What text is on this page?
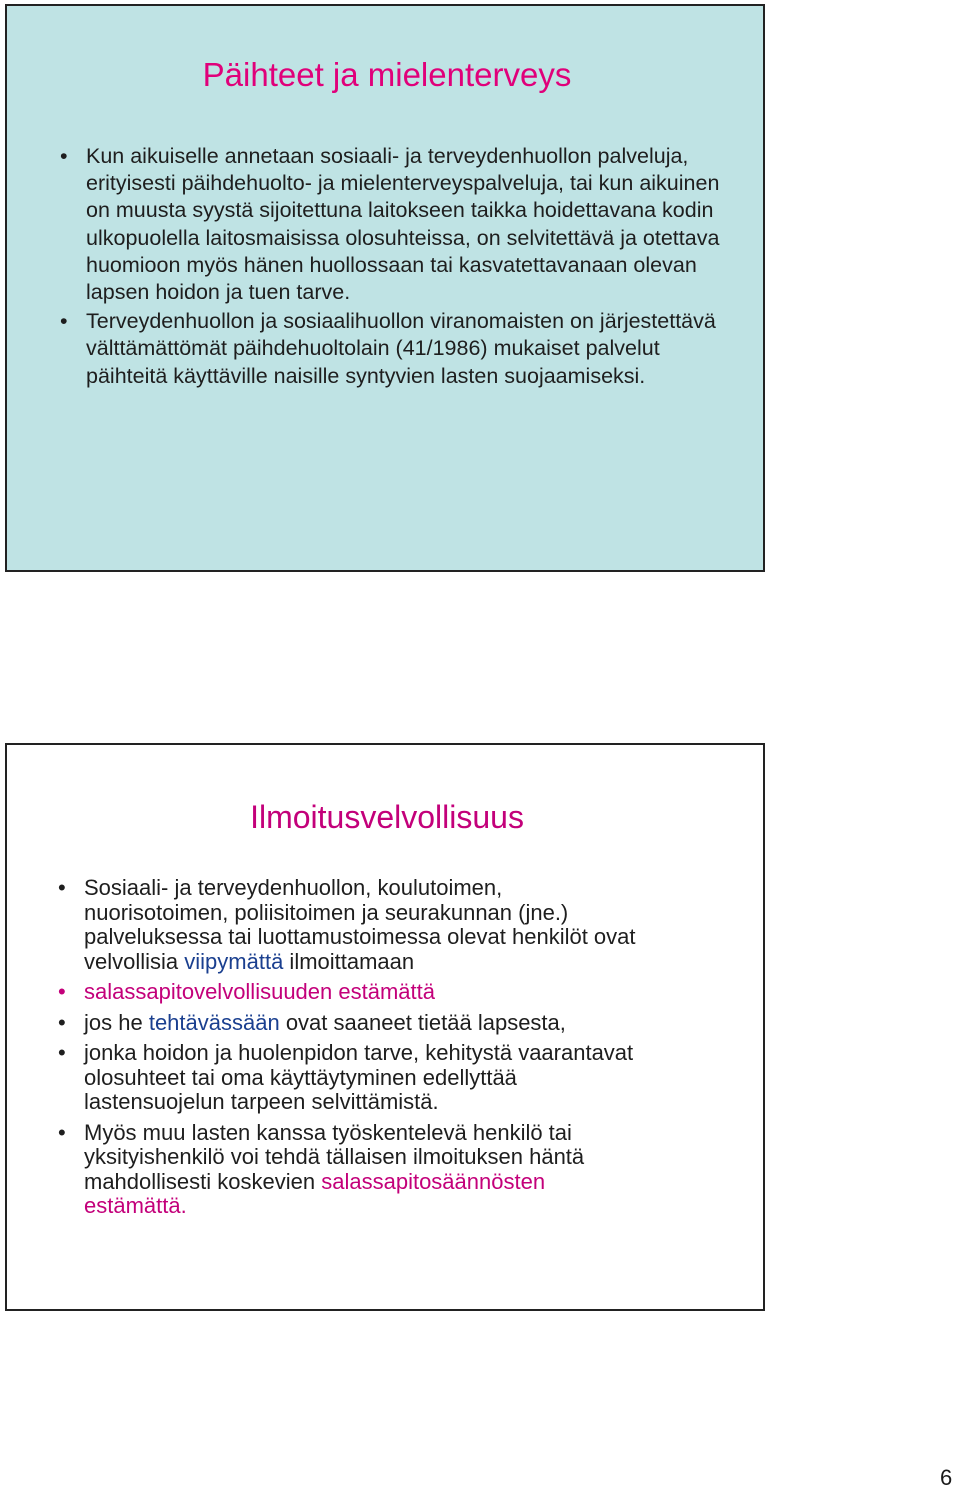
Päihteet ja mielenterveys
• Kun aikuiselle annetaan sosiaali- ja terveydenhuollon palveluja, erityisesti päihdehuolto- ja mielenterveyspalveluja, tai kun aikuinen on muusta syystä sijoitettuna laitokseen taikka hoidettavana kodin ulkopuolella laitosmaisissa olosuhteissa, on selvitettävä ja otettava huomioon myös hänen huollossaan tai kasvatettavanaan olevan lapsen hoidon ja tuen tarve.
• Terveydenhuollon ja sosiaalihuollon viranomaisten on järjestettävä välttämättömät päihdehuoltolain (41/1986) mukaiset palvelut päihteitä käyttäville naisille syntyvien lasten suojaamiseksi.
Ilmoitusvelvollisuus
• Sosiaali- ja terveydenhuollon, koulutoimen,
nuorisotoimen, poliisitoimen ja seurakunnan (jne.)
palveluksessa tai luottamustoimessa olevat henkilöt ovat
velvollisia viipymättä ilmoittamaan
• salassapitovelvollisuuden estämättä
• jos he tehtävässään ovat saaneet tietää lapsesta,
• jonka hoidon ja huolenpidon tarve, kehitystä vaarantavat
olosuhteet tai oma käyttäytyminen edellyttää
lastensuojelun tarpeen selvittämistä.
• Myös muu lasten kanssa työskentelevä henkilö tai
yksityishenkilö voi tehdä tällaisen ilmoituksen häntä
mahdollisesti koskevien salassapitosäännösten
estämättä.
6
